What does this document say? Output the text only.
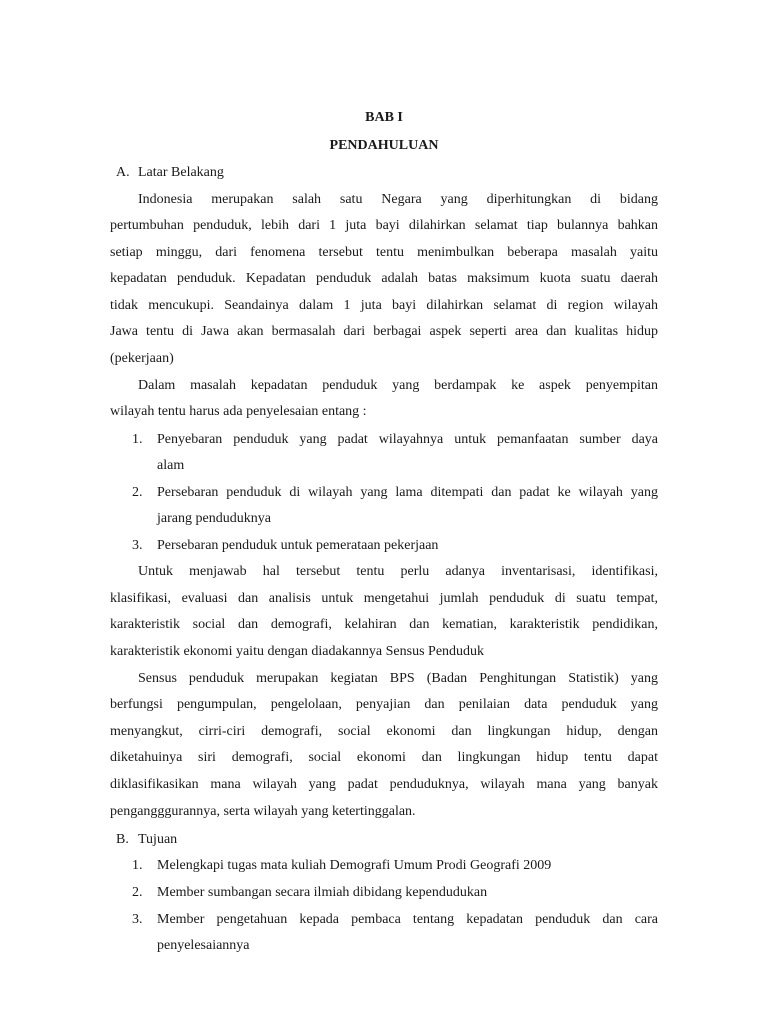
BAB I
PENDAHULUAN
A. Latar Belakang

Indonesia merupakan salah satu Negara yang diperhitungkan di bidang

pertumbuhan penduduk, lebih dari 1 juta bayi dilahirkan selamat tiap bulannya bahkan

setiap minggu, dari fenomena tersebut tentu menimbulkan beberapa masalah yaitu

kepadatan penduduk. Kepadatan penduduk adalah batas maksimum kuota suatu daerah

tidak mencukupi. Seandainya dalam 1 juta bayi dilahirkan selamat di region wilayah

Jawa tentu di Jawa akan bermasalah dari berbagai aspek seperti area dan kualitas hidup

(pekerjaan)

Dalam masalah kepadatan penduduk yang berdampak ke aspek penyempitan

wilayah tentu harus ada penyelesaian entang :

1. Penyebaran penduduk yang padat wilayahnya untuk pemanfaatan sumber daya

alam

2. Persebaran penduduk di wilayah yang lama ditempati dan padat ke wilayah yang

jarang penduduknya

3. Persebaran penduduk untuk pemerataan pekerjaan

Untuk menjawab hal tersebut tentu perlu adanya inventarisasi, identifikasi,

klasifikasi, evaluasi dan analisis untuk mengetahui jumlah penduduk di suatu tempat,

karakteristik social dan demografi, kelahiran dan kematian, karakteristik pendidikan,

karakteristik ekonomi yaitu dengan diadakannya Sensus Penduduk

Sensus penduduk merupakan kegiatan BPS (Badan Penghitungan Statistik) yang

berfungsi pengumpulan, pengelolaan, penyajian dan penilaian data penduduk yang

menyangkut, cirri-ciri demografi, social ekonomi dan lingkungan hidup, dengan

diketahuinya siri demografi, social ekonomi dan lingkungan hidup tentu dapat

diklasifikasikan mana wilayah yang padat penduduknya, wilayah mana yang banyak

pengangggurannya, serta wilayah yang ketertinggalan.

B. Tujuan
1. Melengkapi tugas mata kuliah Demografi Umum Prodi Geografi 2009

2. Member sumbangan secara ilmiah dibidang kependudukan

3. Member pengetahuan kepada pembaca tentang kepadatan penduduk dan cara

penyelesaiannya
